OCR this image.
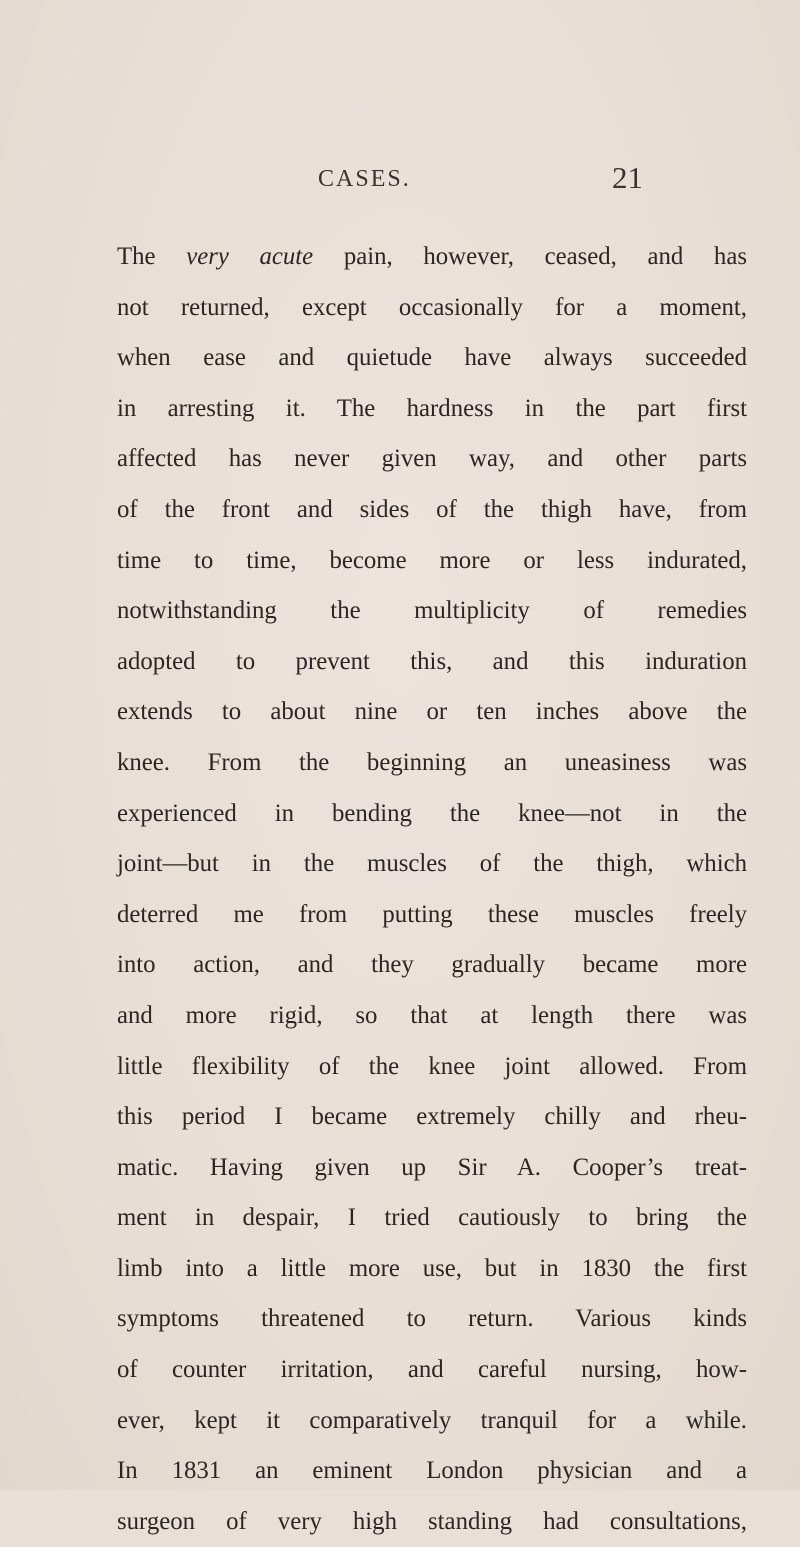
CASES.	21
The very acute pain, however, ceased, and has
not returned, except occasionally for a moment,
when ease and quietude have always succeeded
in arresting it. The hardness in the part first
affected has never given way, and other parts
of the front and sides of the thigh have, from
time to time, become more or less indurated,
notwithstanding the multiplicity of remedies
adopted to prevent this, and this induration
extends to about nine or ten inches above the
knee. From the beginning an uneasiness was
experienced in bending the knee—not in the
joint—but in the muscles of the thigh, which
deterred me from putting these muscles freely
into action, and they gradually became more
and more rigid, so that at length there was
little flexibility of the knee joint allowed. From
this period I became extremely chilly and rheu-
matic. Having given up Sir A. Cooper’s treat-
ment in despair, I tried cautiously to bring the
limb into a little more use, but in 1830 the first
symptoms threatened to return. Various kinds
of counter irritation, and careful nursing, how-
ever, kept it comparatively tranquil for a while.
In 1831 an eminent London physician and a
surgeon of very high standing had consultations,
